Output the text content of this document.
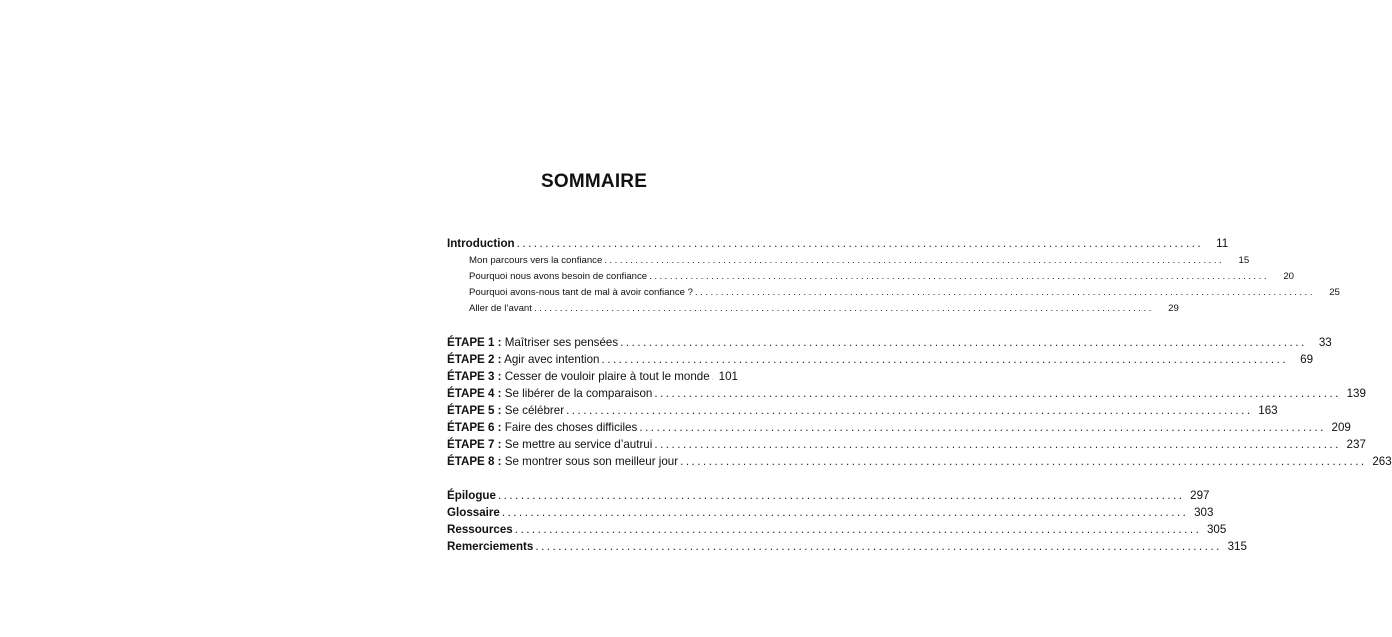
SOMMAIRE
Introduction ........................................................................................................................	11
Mon parcours vers la confiance ........................................................................................................................	15
Pourquoi nous avons besoin de confiance ........................................................................................................................	20
Pourquoi avons-nous tant de mal à avoir confiance ? ........................................................................................................................	25
Aller de l’avant ........................................................................................................................	29
ÉTAPE 1 : Maîtriser ses pensées ........................................................................................................................	33
ÉTAPE 2 : Agir avec intention ........................................................................................................................	69
ÉTAPE 3 : Cesser de vouloir plaire à tout le monde 101
ÉTAPE 4 : Se libérer de la comparaison ........................................................................................................................ 139
ÉTAPE 5 : Se célébrer ........................................................................................................................ 163
ÉTAPE 6 : Faire des choses difficiles ........................................................................................................................ 209
ÉTAPE 7 : Se mettre au service d’autrui ........................................................................................................................ 237
ÉTAPE 8 : Se montrer sous son meilleur jour ........................................................................................................................ 263
Épilogue ........................................................................................................................ 297
Glossaire ........................................................................................................................ 303
Ressources ........................................................................................................................ 305
Remerciements ........................................................................................................................ 315
